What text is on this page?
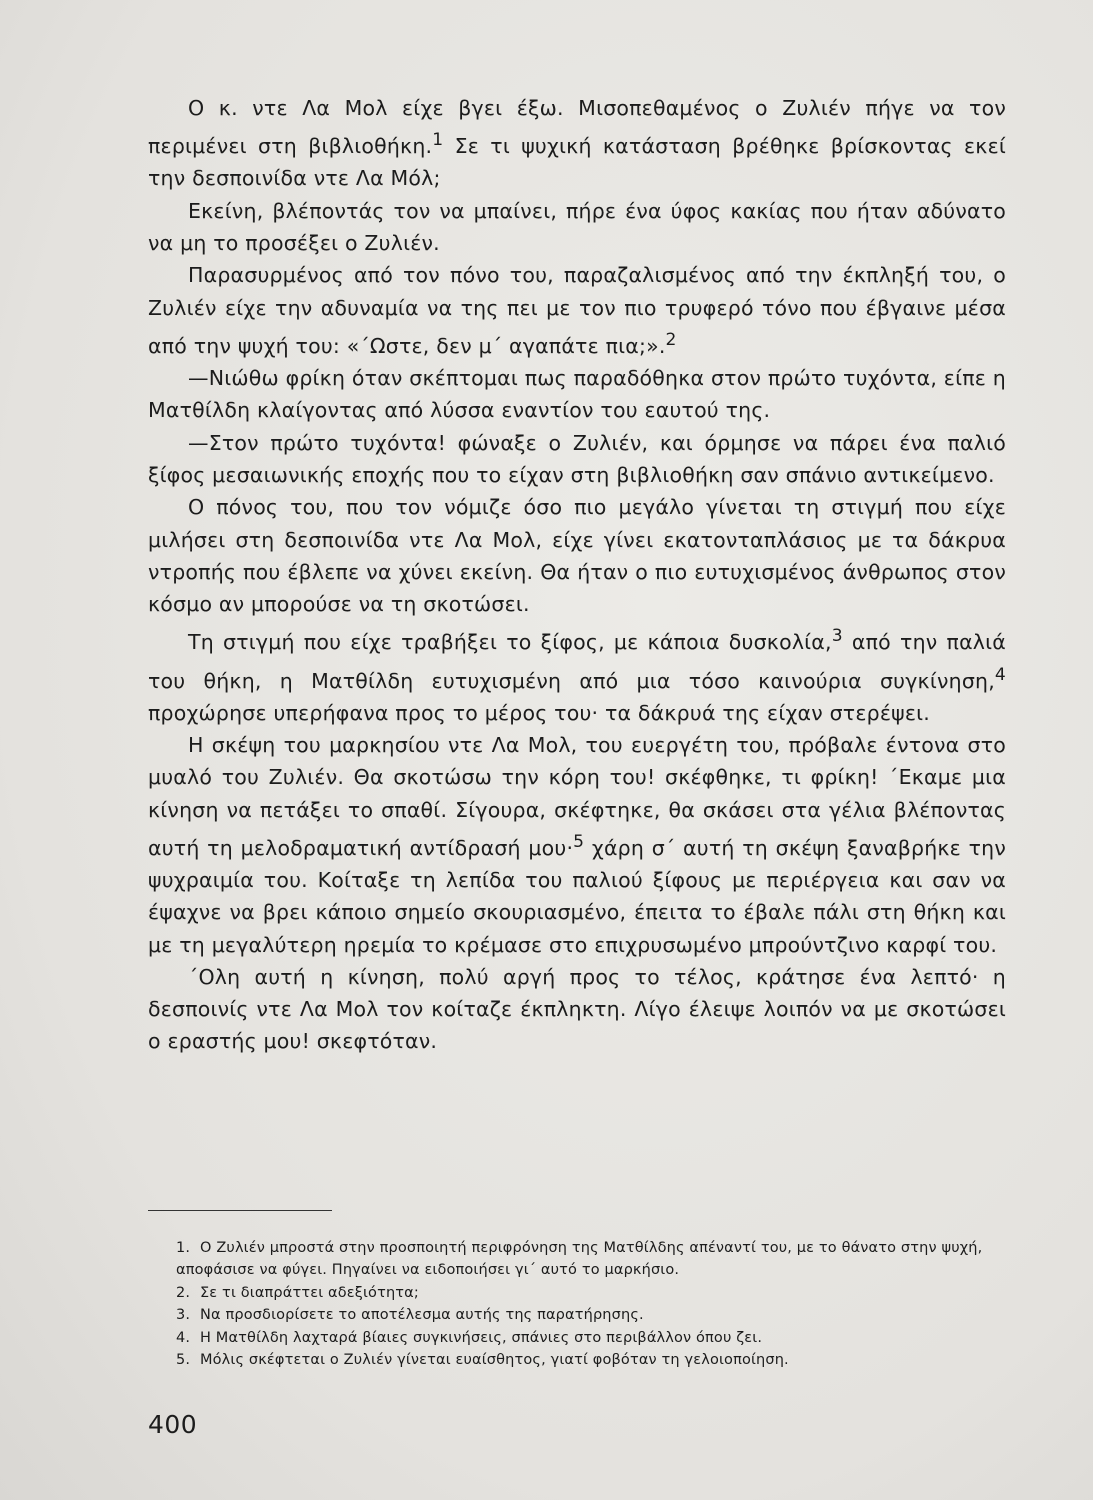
Ο κ. ντε Λα Μολ είχε βγει έξω. Μισοπεθαμένος ο Ζυλιέν πήγε να τον περιμένει στη βιβλιοθήκη.$^1$ Σε τι ψυχική κατάσταση βρέθηκε βρίσκοντας εκεί την δεσποινίδα ντε Λα Μόλ;

Εκείνη, βλέποντάς τον να μπαίνει, πήρε ένα ύφος κακίας που ήταν αδύνατο να μη το προσέξει ο Ζυλιέν.

Παρασυρμένος από τον πόνο του, παραζαλισμένος από την έκπληξή του, ο Ζυλιέν είχε την αδυναμία να της πει με τον πιο τρυφερό τόνο που έβγαινε μέσα από την ψυχή του: «΄Ωστε, δεν μ΄ αγαπάτε πια;».$^2$

—Νιώθω φρίκη όταν σκέπτομαι πως παραδόθηκα στον πρώτο τυχόντα, είπε η Ματθίλδη κλαίγοντας από λύσσα εναντίον του εαυτού της.

—Στον πρώτο τυχόντα! φώναξε ο Ζυλιέν, και όρμησε να πάρει ένα παλιό ξίφος μεσαιωνικής εποχής που το είχαν στη βιβλιοθήκη σαν σπάνιο αντικείμενο.

Ο πόνος του, που τον νόμιζε όσο πιο μεγάλο γίνεται τη στιγμή που είχε μιλήσει στη δεσποινίδα ντε Λα Μολ, είχε γίνει εκατονταπλάσιος με τα δάκρυα ντροπής που έβλεπε να χύνει εκείνη. Θα ήταν ο πιο ευτυχισμένος άνθρωπος στον κόσμο αν μπορούσε να τη σκοτώσει.

Τη στιγμή που είχε τραβήξει το ξίφος, με κάποια δυσκολία,$^3$ από την παλιά του θήκη, η Ματθίλδη ευτυχισμένη από μια τόσο καινούρια συγκίνηση,$^4$ προχώρησε υπερήφανα προς το μέρος του· τα δάκρυά της είχαν στερέψει.

Η σκέψη του μαρκησίου ντε Λα Μολ, του ευεργέτη του, πρόβαλε έντονα στο μυαλό του Ζυλιέν. Θα σκοτώσω την κόρη του! σκέφθηκε, τι φρίκη! ΄Εκαμε μια κίνηση να πετάξει το σπαθί. Σίγουρα, σκέφτηκε, θα σκάσει στα γέλια βλέποντας αυτή τη μελοδραματική αντίδρασή μου·$^5$ χάρη σ΄ αυτή τη σκέψη ξαναβρήκε την ψυχραιμία του. Κοίταξε τη λεπίδα του παλιού ξίφους με περιέργεια και σαν να έψαχνε να βρει κάποιο σημείο σκουριασμένο, έπειτα το έβαλε πάλι στη θήκη και με τη μεγαλύτερη ηρεμία το κρέμασε στο επιχρυσωμένο μπρούντζινο καρφί του.

΄Ολη αυτή η κίνηση, πολύ αργή προς το τέλος, κράτησε ένα λεπτό· η δεσποινίς ντε Λα Μολ τον κοίταζε έκπληκτη. Λίγο έλειψε λοιπόν να με σκοτώσει ο εραστής μου! σκεφτόταν.

1. Ο Ζυλιέν μπροστά στην προσποιητή περιφρόνηση της Ματθίλδης απέναντί του, με το θάνατο στην ψυχή, αποφάσισε να φύγει. Πηγαίνει να ειδοποιήσει γι΄ αυτό το μαρκήσιο.

2. Σε τι διαπράττει αδεξιότητα;

3. Να προσδιορίσετε το αποτέλεσμα αυτής της παρατήρησης.

4. Η Ματθίλδη λαχταρά βίαιες συγκινήσεις, σπάνιες στο περιβάλλον όπου ζει.

5. Μόλις σκέφτεται ο Ζυλιέν γίνεται ευαίσθητος, γιατί φοβόταν τη γελοιοποίηση.

400
